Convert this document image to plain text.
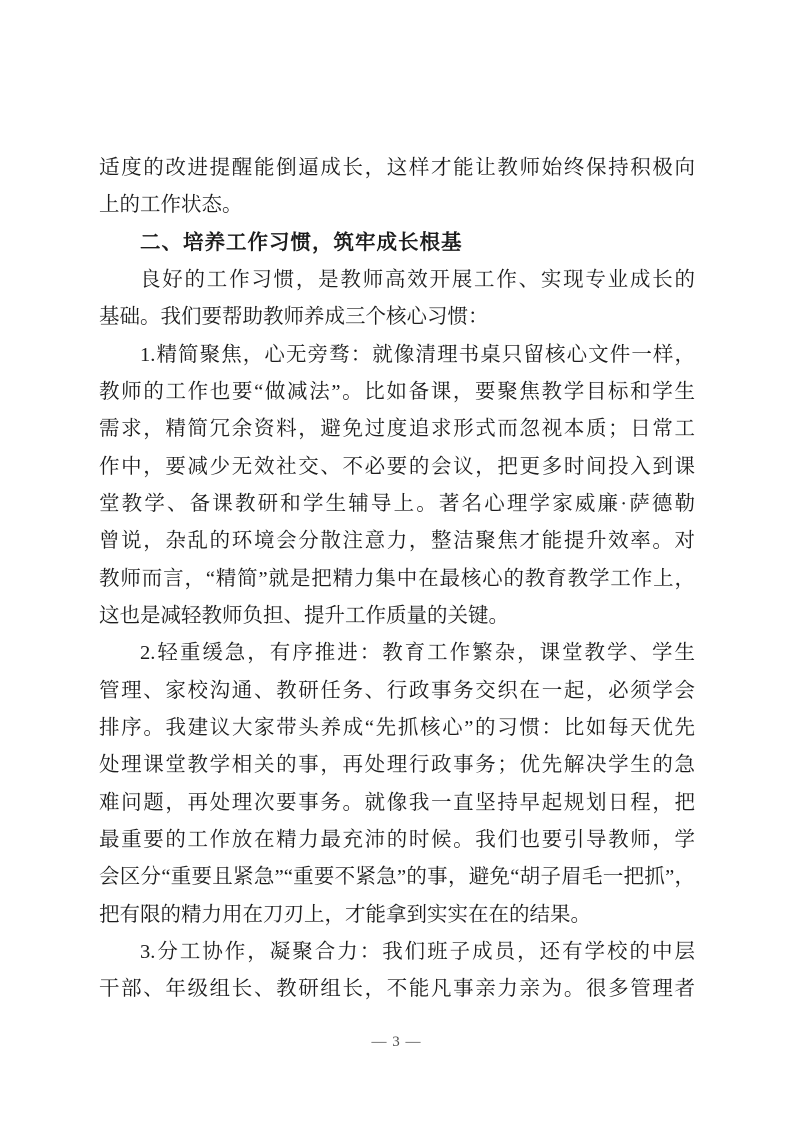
适度的改进提醒能倒逼成长，这样才能让教师始终保持积极向
上的工作状态。
二、培养工作习惯，筑牢成长根基
良好的工作习惯，是教师高效开展工作、实现专业成长的
基础。我们要帮助教师养成三个核心习惯：
1.精简聚焦，心无旁骛：就像清理书桌只留核心文件一样，
教师的工作也要“做减法”。比如备课，要聚焦教学目标和学生
需求，精简冗余资料，避免过度追求形式而忽视本质；日常工
作中，要减少无效社交、不必要的会议，把更多时间投入到课
堂教学、备课教研和学生辅导上。著名心理学家威廉·萨德勒
曾说，杂乱的环境会分散注意力，整洁聚焦才能提升效率。对
教师而言，“精简”就是把精力集中在最核心的教育教学工作上，
这也是减轻教师负担、提升工作质量的关键。
2.轻重缓急，有序推进：教育工作繁杂，课堂教学、学生
管理、家校沟通、教研任务、行政事务交织在一起，必须学会
排序。我建议大家带头养成“先抓核心”的习惯：比如每天优先
处理课堂教学相关的事，再处理行政事务；优先解决学生的急
难问题，再处理次要事务。就像我一直坚持早起规划日程，把
最重要的工作放在精力最充沛的时候。我们也要引导教师，学
会区分“重要且紧急”“重要不紧急”的事，避免“胡子眉毛一把抓”，
把有限的精力用在刀刃上，才能拿到实实在在的结果。
3.分工协作，凝聚合力：我们班子成员，还有学校的中层
干部、年级组长、教研组长，不能凡事亲力亲为。很多管理者
— 3 —
